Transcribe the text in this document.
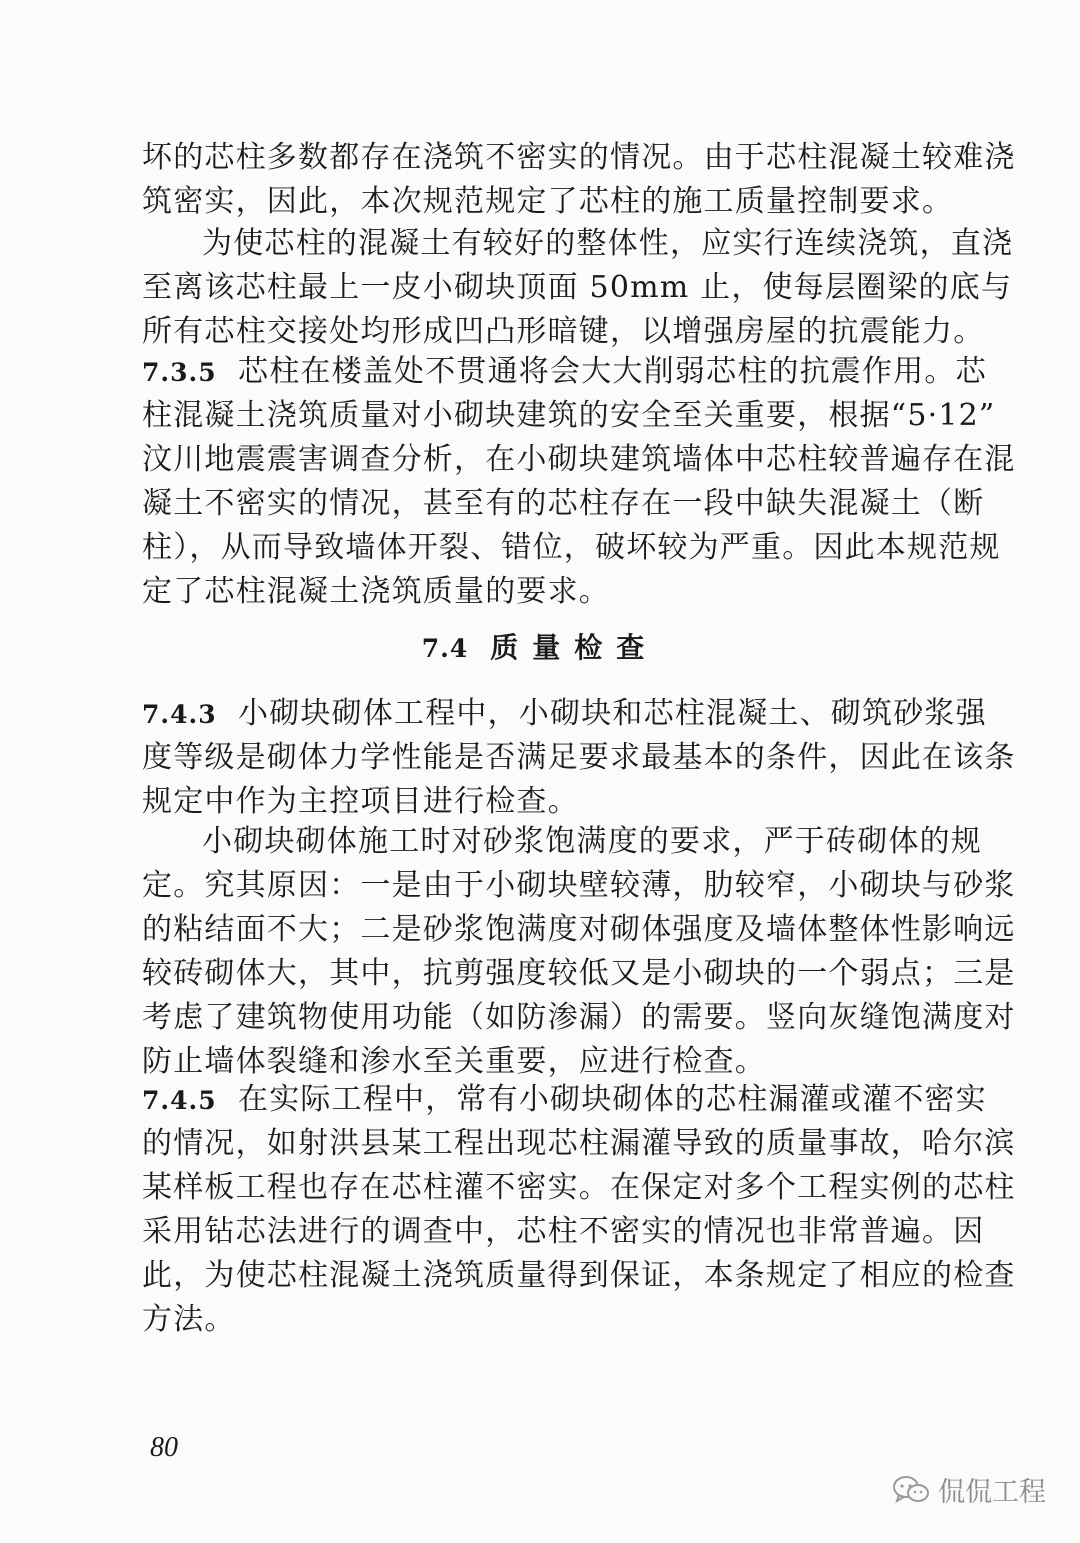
坏的芯柱多数都存在浇筑不密实的情况。由于芯柱混凝土较难浇
筑密实，因此，本次规范规定了芯柱的施工质量控制要求。
为使芯柱的混凝土有较好的整体性，应实行连续浇筑，直浇
至离该芯柱最上一皮小砌块顶面 50mm 止，使每层圈梁的底与
所有芯柱交接处均形成凹凸形暗键，以增强房屋的抗震能力。
7.3.5 芯柱在楼盖处不贯通将会大大削弱芯柱的抗震作用。芯
柱混凝土浇筑质量对小砌块建筑的安全至关重要，根据“5·12”
汶川地震震害调查分析，在小砌块建筑墙体中芯柱较普遍存在混
凝土不密实的情况，甚至有的芯柱存在一段中缺失混凝土（断
柱），从而导致墙体开裂、错位，破坏较为严重。因此本规范规
定了芯柱混凝土浇筑质量的要求。
7.4 质量检查
7.4.3 小砌块砌体工程中，小砌块和芯柱混凝土、砌筑砂浆强
度等级是砌体力学性能是否满足要求最基本的条件，因此在该条
规定中作为主控项目进行检查。
小砌块砌体施工时对砂浆饱满度的要求，严于砖砌体的规
定。究其原因：一是由于小砌块壁较薄，肋较窄，小砌块与砂浆
的粘结面不大；二是砂浆饱满度对砌体强度及墙体整体性影响远
较砖砌体大，其中，抗剪强度较低又是小砌块的一个弱点；三是
考虑了建筑物使用功能（如防渗漏）的需要。竖向灰缝饱满度对
防止墙体裂缝和渗水至关重要，应进行检查。
7.4.5 在实际工程中，常有小砌块砌体的芯柱漏灌或灌不密实
的情况，如射洪县某工程出现芯柱漏灌导致的质量事故，哈尔滨
某样板工程也存在芯柱灌不密实。在保定对多个工程实例的芯柱
采用钻芯法进行的调查中，芯柱不密实的情况也非常普遍。因
此，为使芯柱混凝土浇筑质量得到保证，本条规定了相应的检查
方法。
80
侃侃工程
